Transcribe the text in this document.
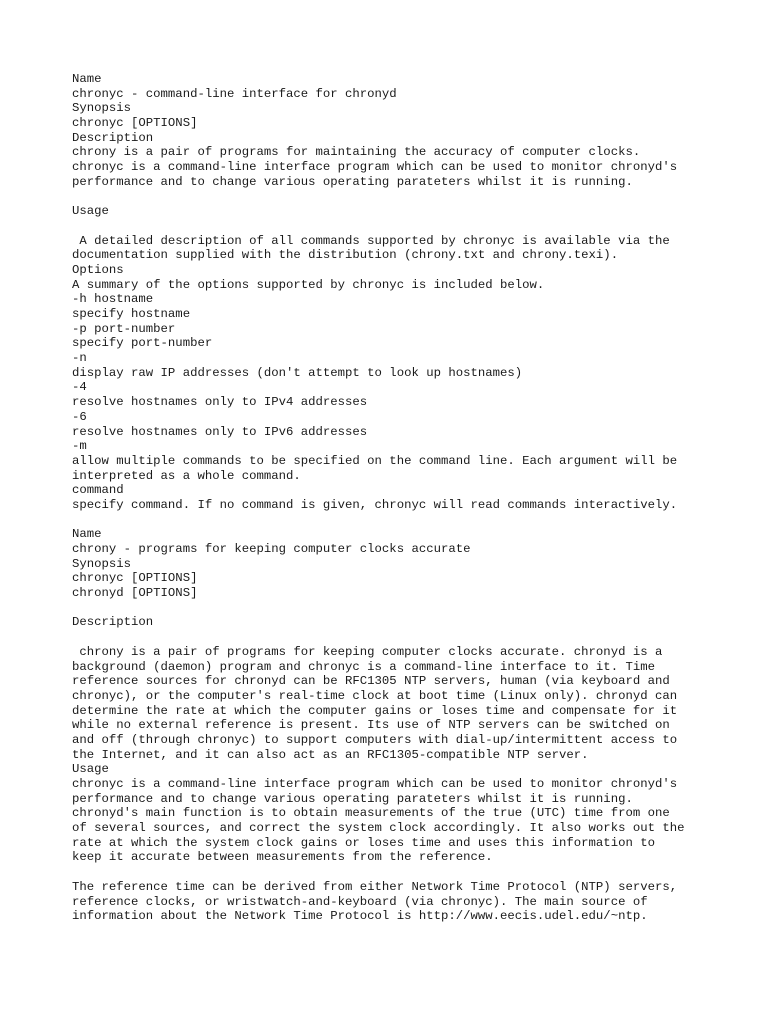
Name
chronyc - command-line interface for chronyd
Synopsis
chronyc [OPTIONS]
Description
chrony is a pair of programs for maintaining the accuracy of computer clocks.
chronyc is a command-line interface program which can be used to monitor chronyd's
performance and to change various operating parateters whilst it is running.
Usage
A detailed description of all commands supported by chronyc is available via the
documentation supplied with the distribution (chrony.txt and chrony.texi).
Options
A summary of the options supported by chronyc is included below.
-h hostname
specify hostname
-p port-number
specify port-number
-n
display raw IP addresses (don't attempt to look up hostnames)
-4
resolve hostnames only to IPv4 addresses
-6
resolve hostnames only to IPv6 addresses
-m
allow multiple commands to be specified on the command line. Each argument will be
interpreted as a whole command.
command
specify command. If no command is given, chronyc will read commands interactively.
Name
chrony - programs for keeping computer clocks accurate
Synopsis
chronyc [OPTIONS]
chronyd [OPTIONS]
Description
chrony is a pair of programs for keeping computer clocks accurate. chronyd is a
background (daemon) program and chronyc is a command-line interface to it. Time
reference sources for chronyd can be RFC1305 NTP servers, human (via keyboard and
chronyc), or the computer's real-time clock at boot time (Linux only). chronyd can
determine the rate at which the computer gains or loses time and compensate for it
while no external reference is present. Its use of NTP servers can be switched on
and off (through chronyc) to support computers with dial-up/intermittent access to
the Internet, and it can also act as an RFC1305-compatible NTP server.
Usage
chronyc is a command-line interface program which can be used to monitor chronyd's
performance and to change various operating parateters whilst it is running.
chronyd's main function is to obtain measurements of the true (UTC) time from one
of several sources, and correct the system clock accordingly. It also works out the
rate at which the system clock gains or loses time and uses this information to
keep it accurate between measurements from the reference.
The reference time can be derived from either Network Time Protocol (NTP) servers,
reference clocks, or wristwatch-and-keyboard (via chronyc). The main source of
information about the Network Time Protocol is http://www.eecis.udel.edu/~ntp.
